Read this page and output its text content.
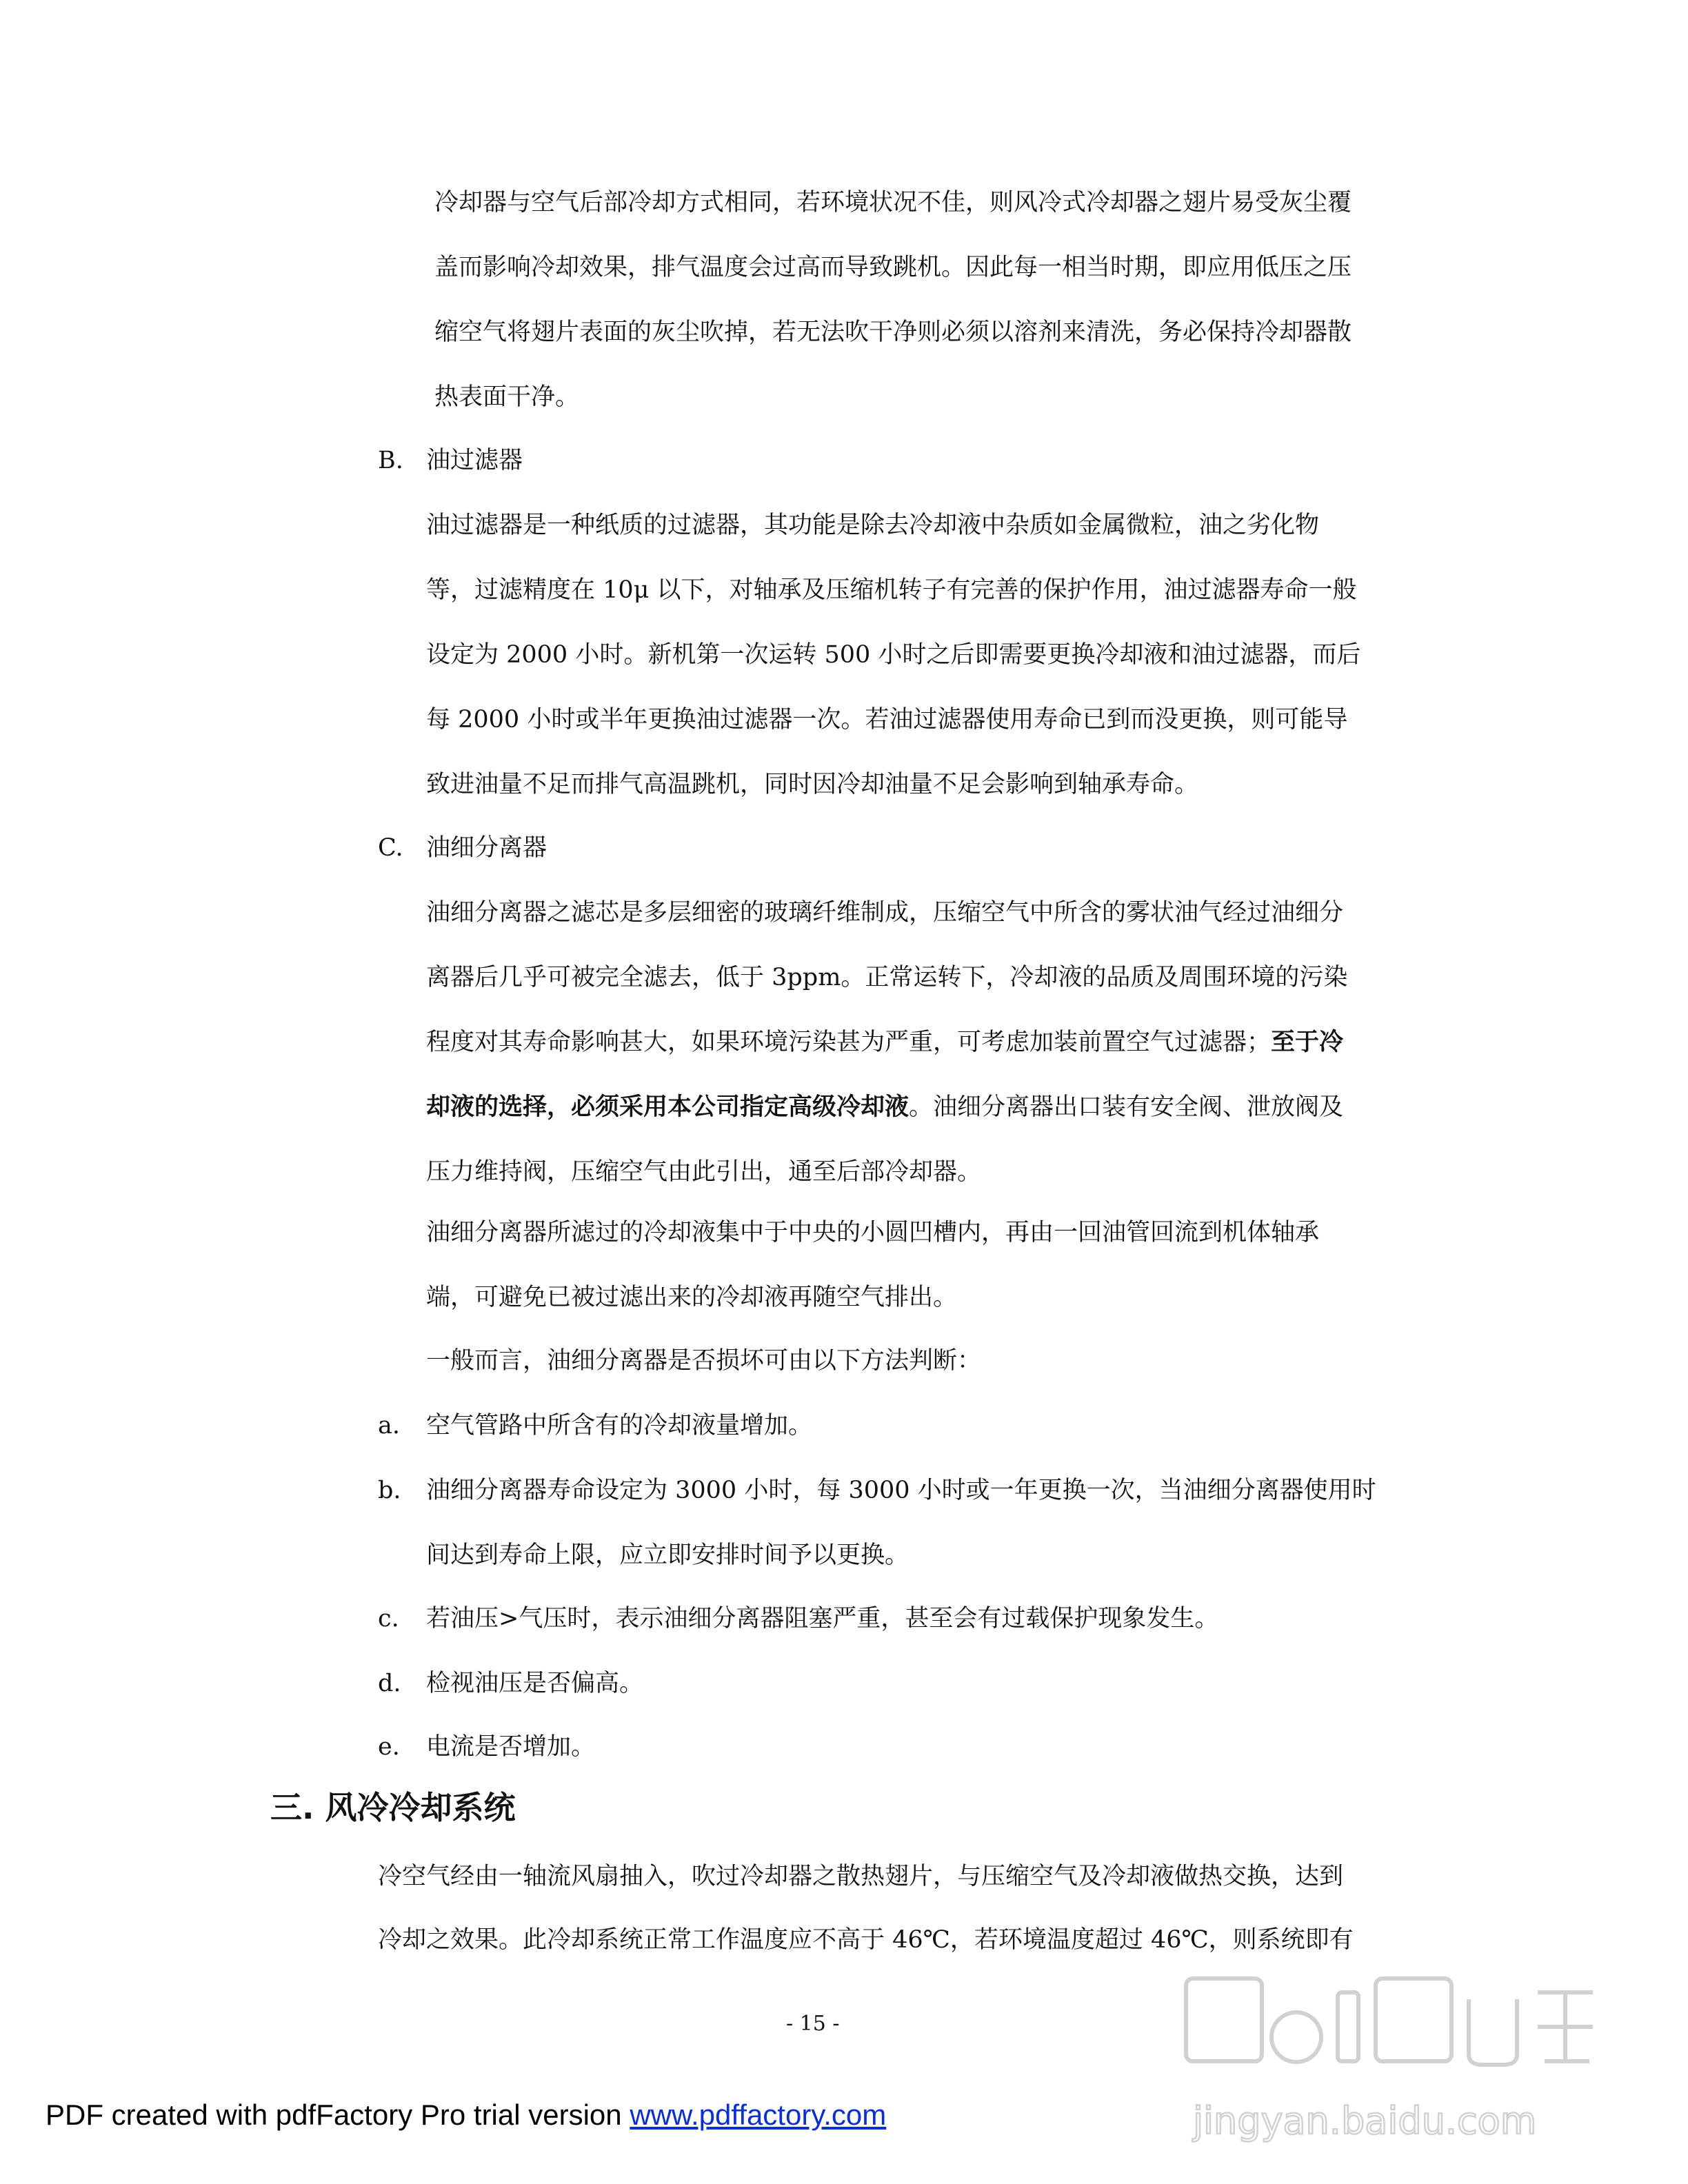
冷却器与空气后部冷却方式相同，若环境状况不佳，则风冷式冷却器之翅片易受灰尘覆
盖而影响冷却效果，排气温度会过高而导致跳机。因此每一相当时期，即应用低压之压
缩空气将翅片表面的灰尘吹掉，若无法吹干净则必须以溶剂来清洗，务必保持冷却器散
热表面干净。
B. 油过滤器
油过滤器是一种纸质的过滤器，其功能是除去冷却液中杂质如金属微粒，油之劣化物
等，过滤精度在 10μ 以下，对轴承及压缩机转子有完善的保护作用，油过滤器寿命一般
设定为 2000 小时。新机第一次运转 500 小时之后即需要更换冷却液和油过滤器，而后
每 2000 小时或半年更换油过滤器一次。若油过滤器使用寿命已到而没更换，则可能导
致进油量不足而排气高温跳机，同时因冷却油量不足会影响到轴承寿命。
C. 油细分离器
油细分离器之滤芯是多层细密的玻璃纤维制成，压缩空气中所含的雾状油气经过油细分
离器后几乎可被完全滤去，低于 3ppm。正常运转下，冷却液的品质及周围环境的污染
程度对其寿命影响甚大，如果环境污染甚为严重，可考虑加装前置空气过滤器；至于冷
却液的选择，必须采用本公司指定高级冷却液。油细分离器出口装有安全阀、泄放阀及
压力维持阀，压缩空气由此引出，通至后部冷却器。
油细分离器所滤过的冷却液集中于中央的小圆凹槽内，再由一回油管回流到机体轴承
端，可避免已被过滤出来的冷却液再随空气排出。
一般而言，油细分离器是否损坏可由以下方法判断：
a. 空气管路中所含有的冷却液量增加。
b. 油细分离器寿命设定为 3000 小时，每 3000 小时或一年更换一次，当油细分离器使用时
间达到寿命上限，应立即安排时间予以更换。
c. 若油压>气压时，表示油细分离器阻塞严重，甚至会有过载保护现象发生。
d. 检视油压是否偏高。
e. 电流是否增加。
三. 风冷冷却系统
冷空气经由一轴流风扇抽入，吹过冷却器之散热翅片，与压缩空气及冷却液做热交换，达到
冷却之效果。此冷却系统正常工作温度应不高于 46℃，若环境温度超过 46℃，则系统即有
- 15 -
jingyan.baidu.com
PDF created with pdfFactory Pro trial version www.pdffactory.com
